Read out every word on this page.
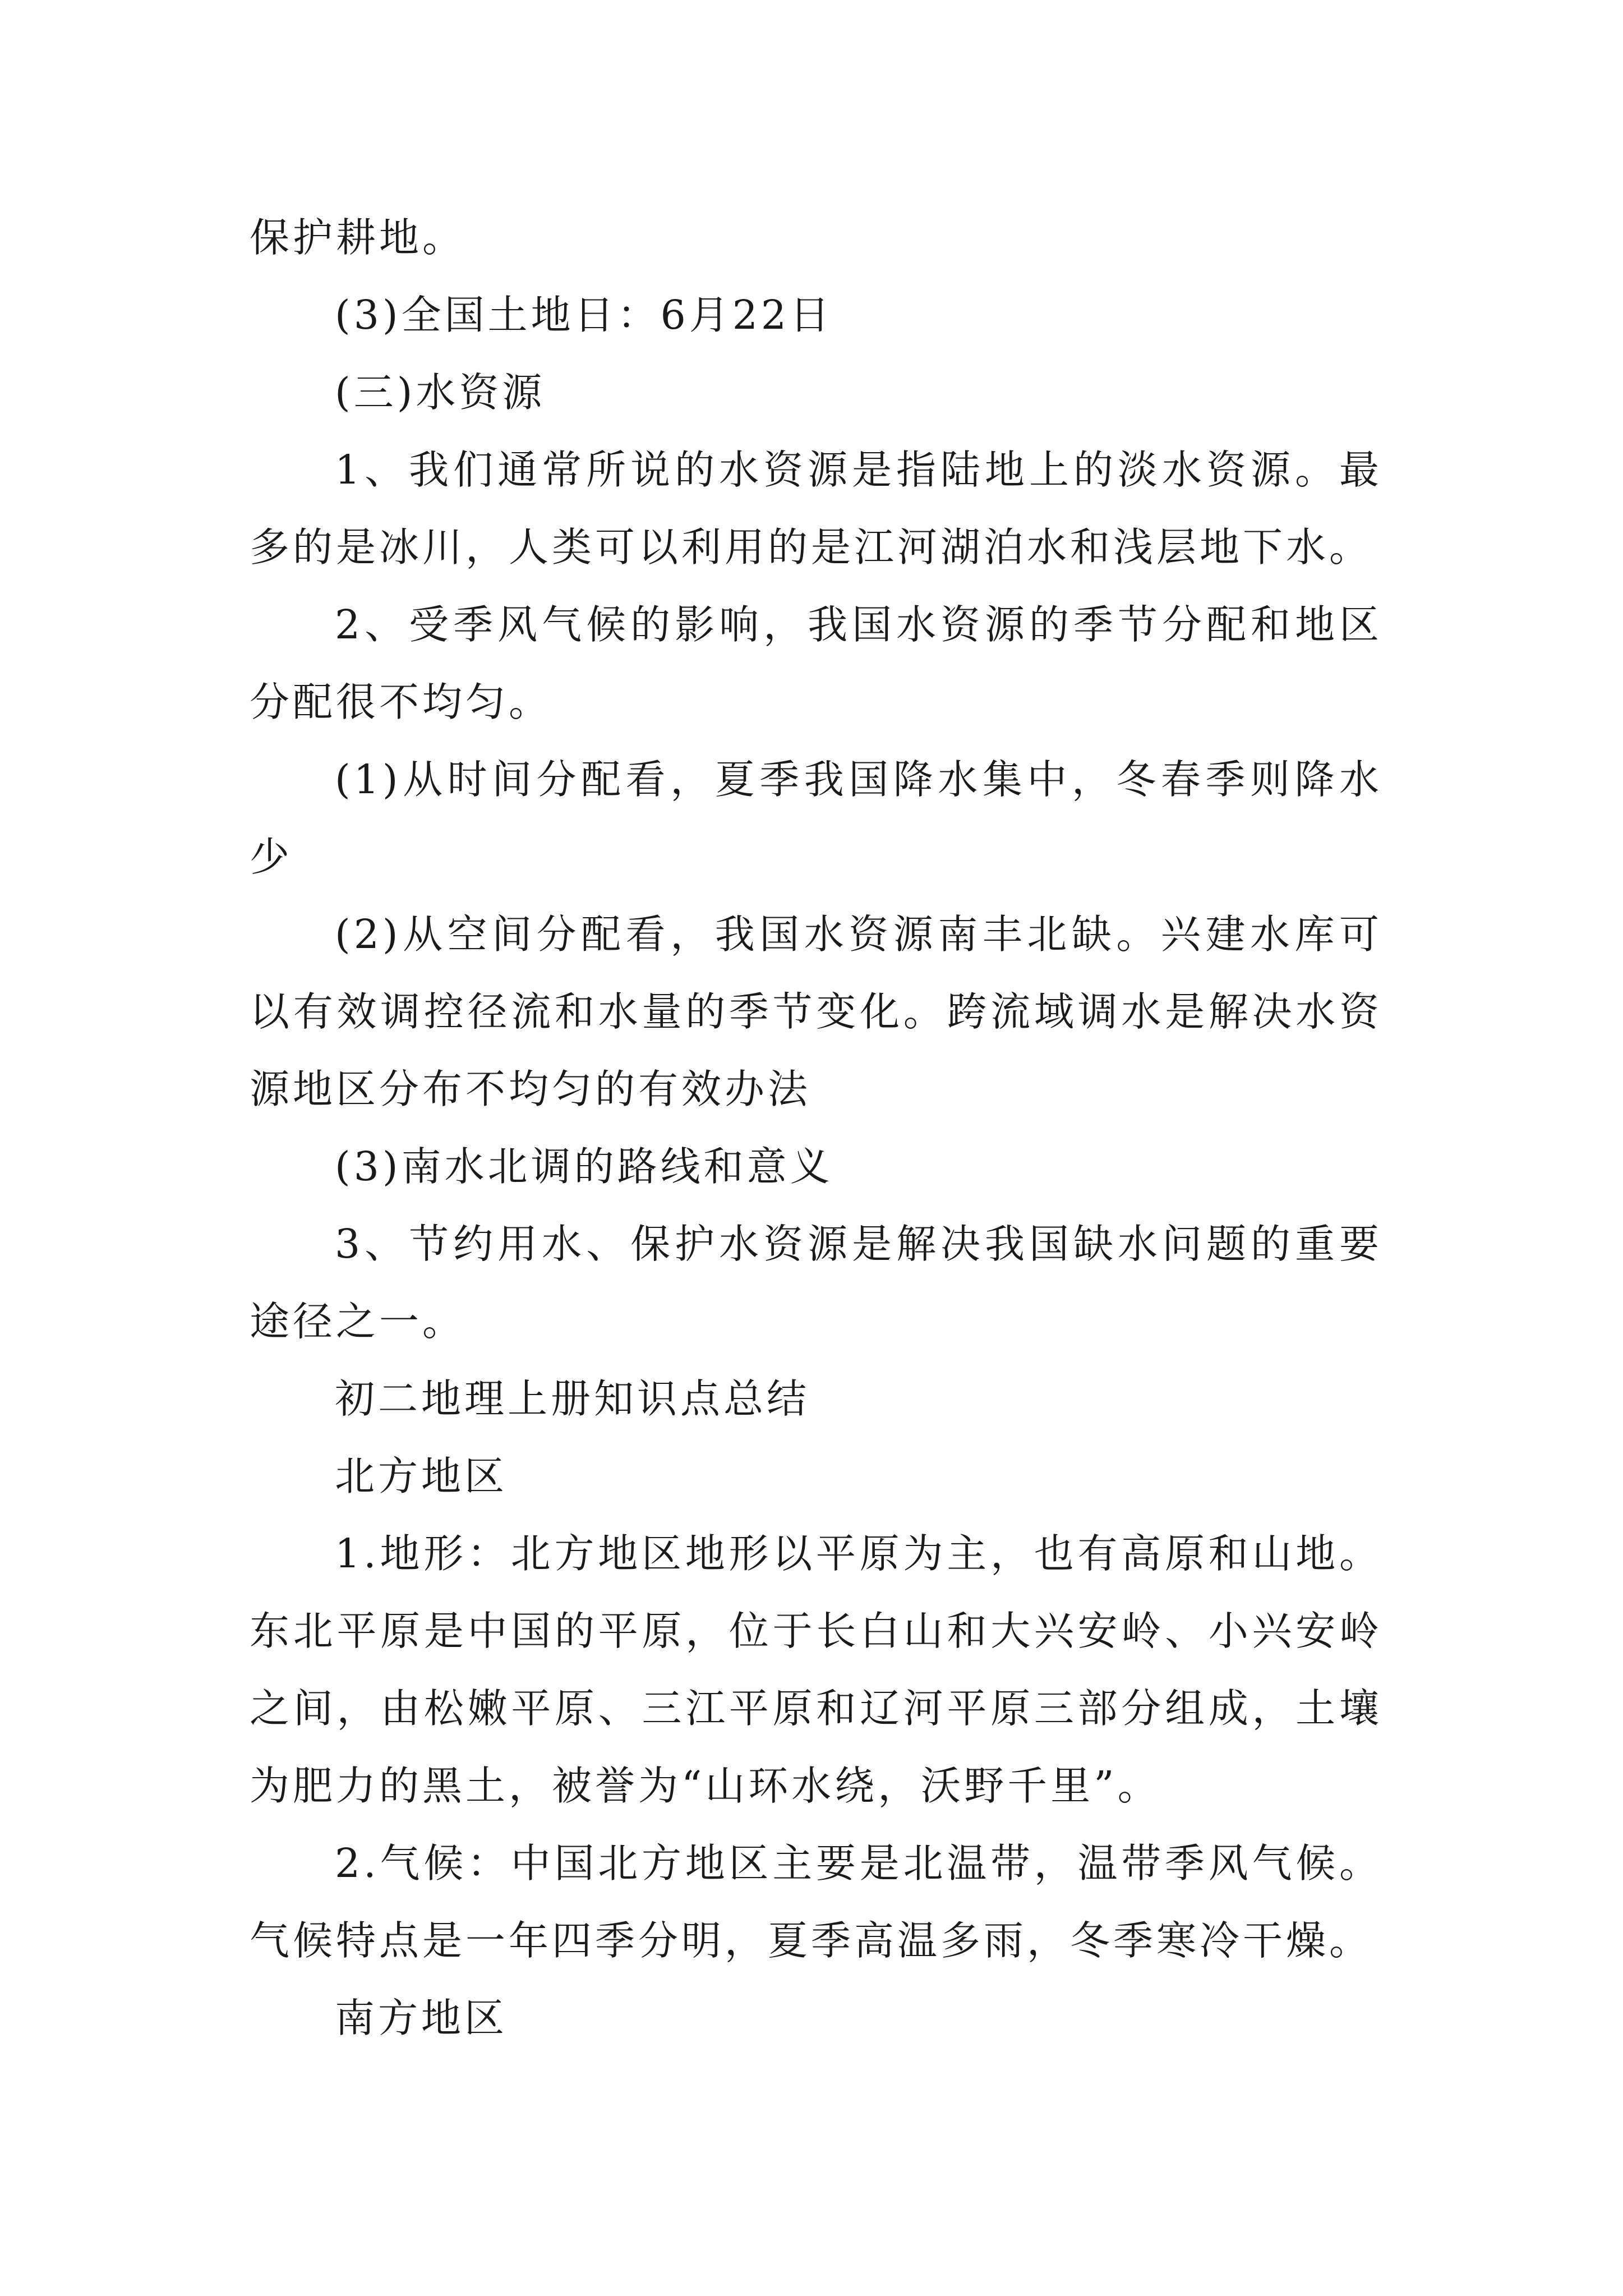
保护耕地。

(3)全国土地日：6月22日

(三)水资源

1、我们通常所说的水资源是指陆地上的淡水资源。最多的是冰川，人类可以利用的是江河湖泊水和浅层地下水。

2、受季风气候的影响，我国水资源的季节分配和地区分配很不均匀。

(1)从时间分配看，夏季我国降水集中，冬春季则降水少

(2)从空间分配看，我国水资源南丰北缺。兴建水库可以有效调控径流和水量的季节变化。跨流域调水是解决水资源地区分布不均匀的有效办法

(3)南水北调的路线和意义

3、节约用水、保护水资源是解决我国缺水问题的重要途径之一。

初二地理上册知识点总结

北方地区

1.地形：北方地区地形以平原为主，也有高原和山地。东北平原是中国的平原，位于长白山和大兴安岭、小兴安岭之间，由松嫩平原、三江平原和辽河平原三部分组成，土壤为肥力的黑土，被誉为“山环水绕，沃野千里”。

2.气候：中国北方地区主要是北温带，温带季风气候。气候特点是一年四季分明，夏季高温多雨，冬季寒冷干燥。

南方地区
